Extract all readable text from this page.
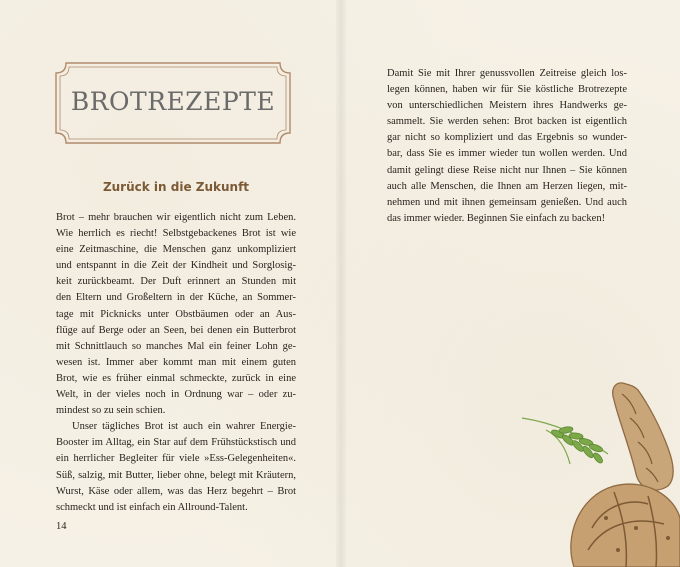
BROTREZEPTE
Zurück in die Zukunft
Brot – mehr brauchen wir eigentlich nicht zum Leben.
Wie herrlich es riecht! Selbstgebackenes Brot ist wie
eine Zeitmaschine, die Menschen ganz unkompliziert
und entspannt in die Zeit der Kindheit und Sorglosig-
keit zurückbeamt. Der Duft erinnert an Stunden mit
den Eltern und Großeltern in der Küche, an Sommer-
tage mit Picknicks unter Obstbäumen oder an Aus-
flüge auf Berge oder an Seen, bei denen ein Butterbrot
mit Schnittlauch so manches Mal ein feiner Lohn ge-
wesen ist. Immer aber kommt man mit einem guten
Brot, wie es früher einmal schmeckte, zurück in eine
Welt, in der vieles noch in Ordnung war – oder zu-
mindest so zu sein schien.
Unser tägliches Brot ist auch ein wahrer Energie-
Booster im Alltag, ein Star auf dem Frühstückstisch und
ein herrlicher Begleiter für viele »Ess-Gelegenheiten«.
Süß, salzig, mit Butter, lieber ohne, belegt mit Kräutern,
Wurst, Käse oder allem, was das Herz begehrt – Brot
schmeckt und ist einfach ein Allround-Talent.
Damit Sie mit Ihrer genussvollen Zeitreise gleich los-
legen können, haben wir für Sie köstliche Brotrezepte
von unterschiedlichen Meistern ihres Handwerks ge-
sammelt. Sie werden sehen: Brot backen ist eigentlich
gar nicht so kompliziert und das Ergebnis so wunder-
bar, dass Sie es immer wieder tun wollen werden. Und
damit gelingt diese Reise nicht nur Ihnen – Sie können
auch alle Menschen, die Ihnen am Herzen liegen, mit-
nehmen und mit ihnen gemeinsam genießen. Und auch
das immer wieder. Beginnen Sie einfach zu backen!
14
